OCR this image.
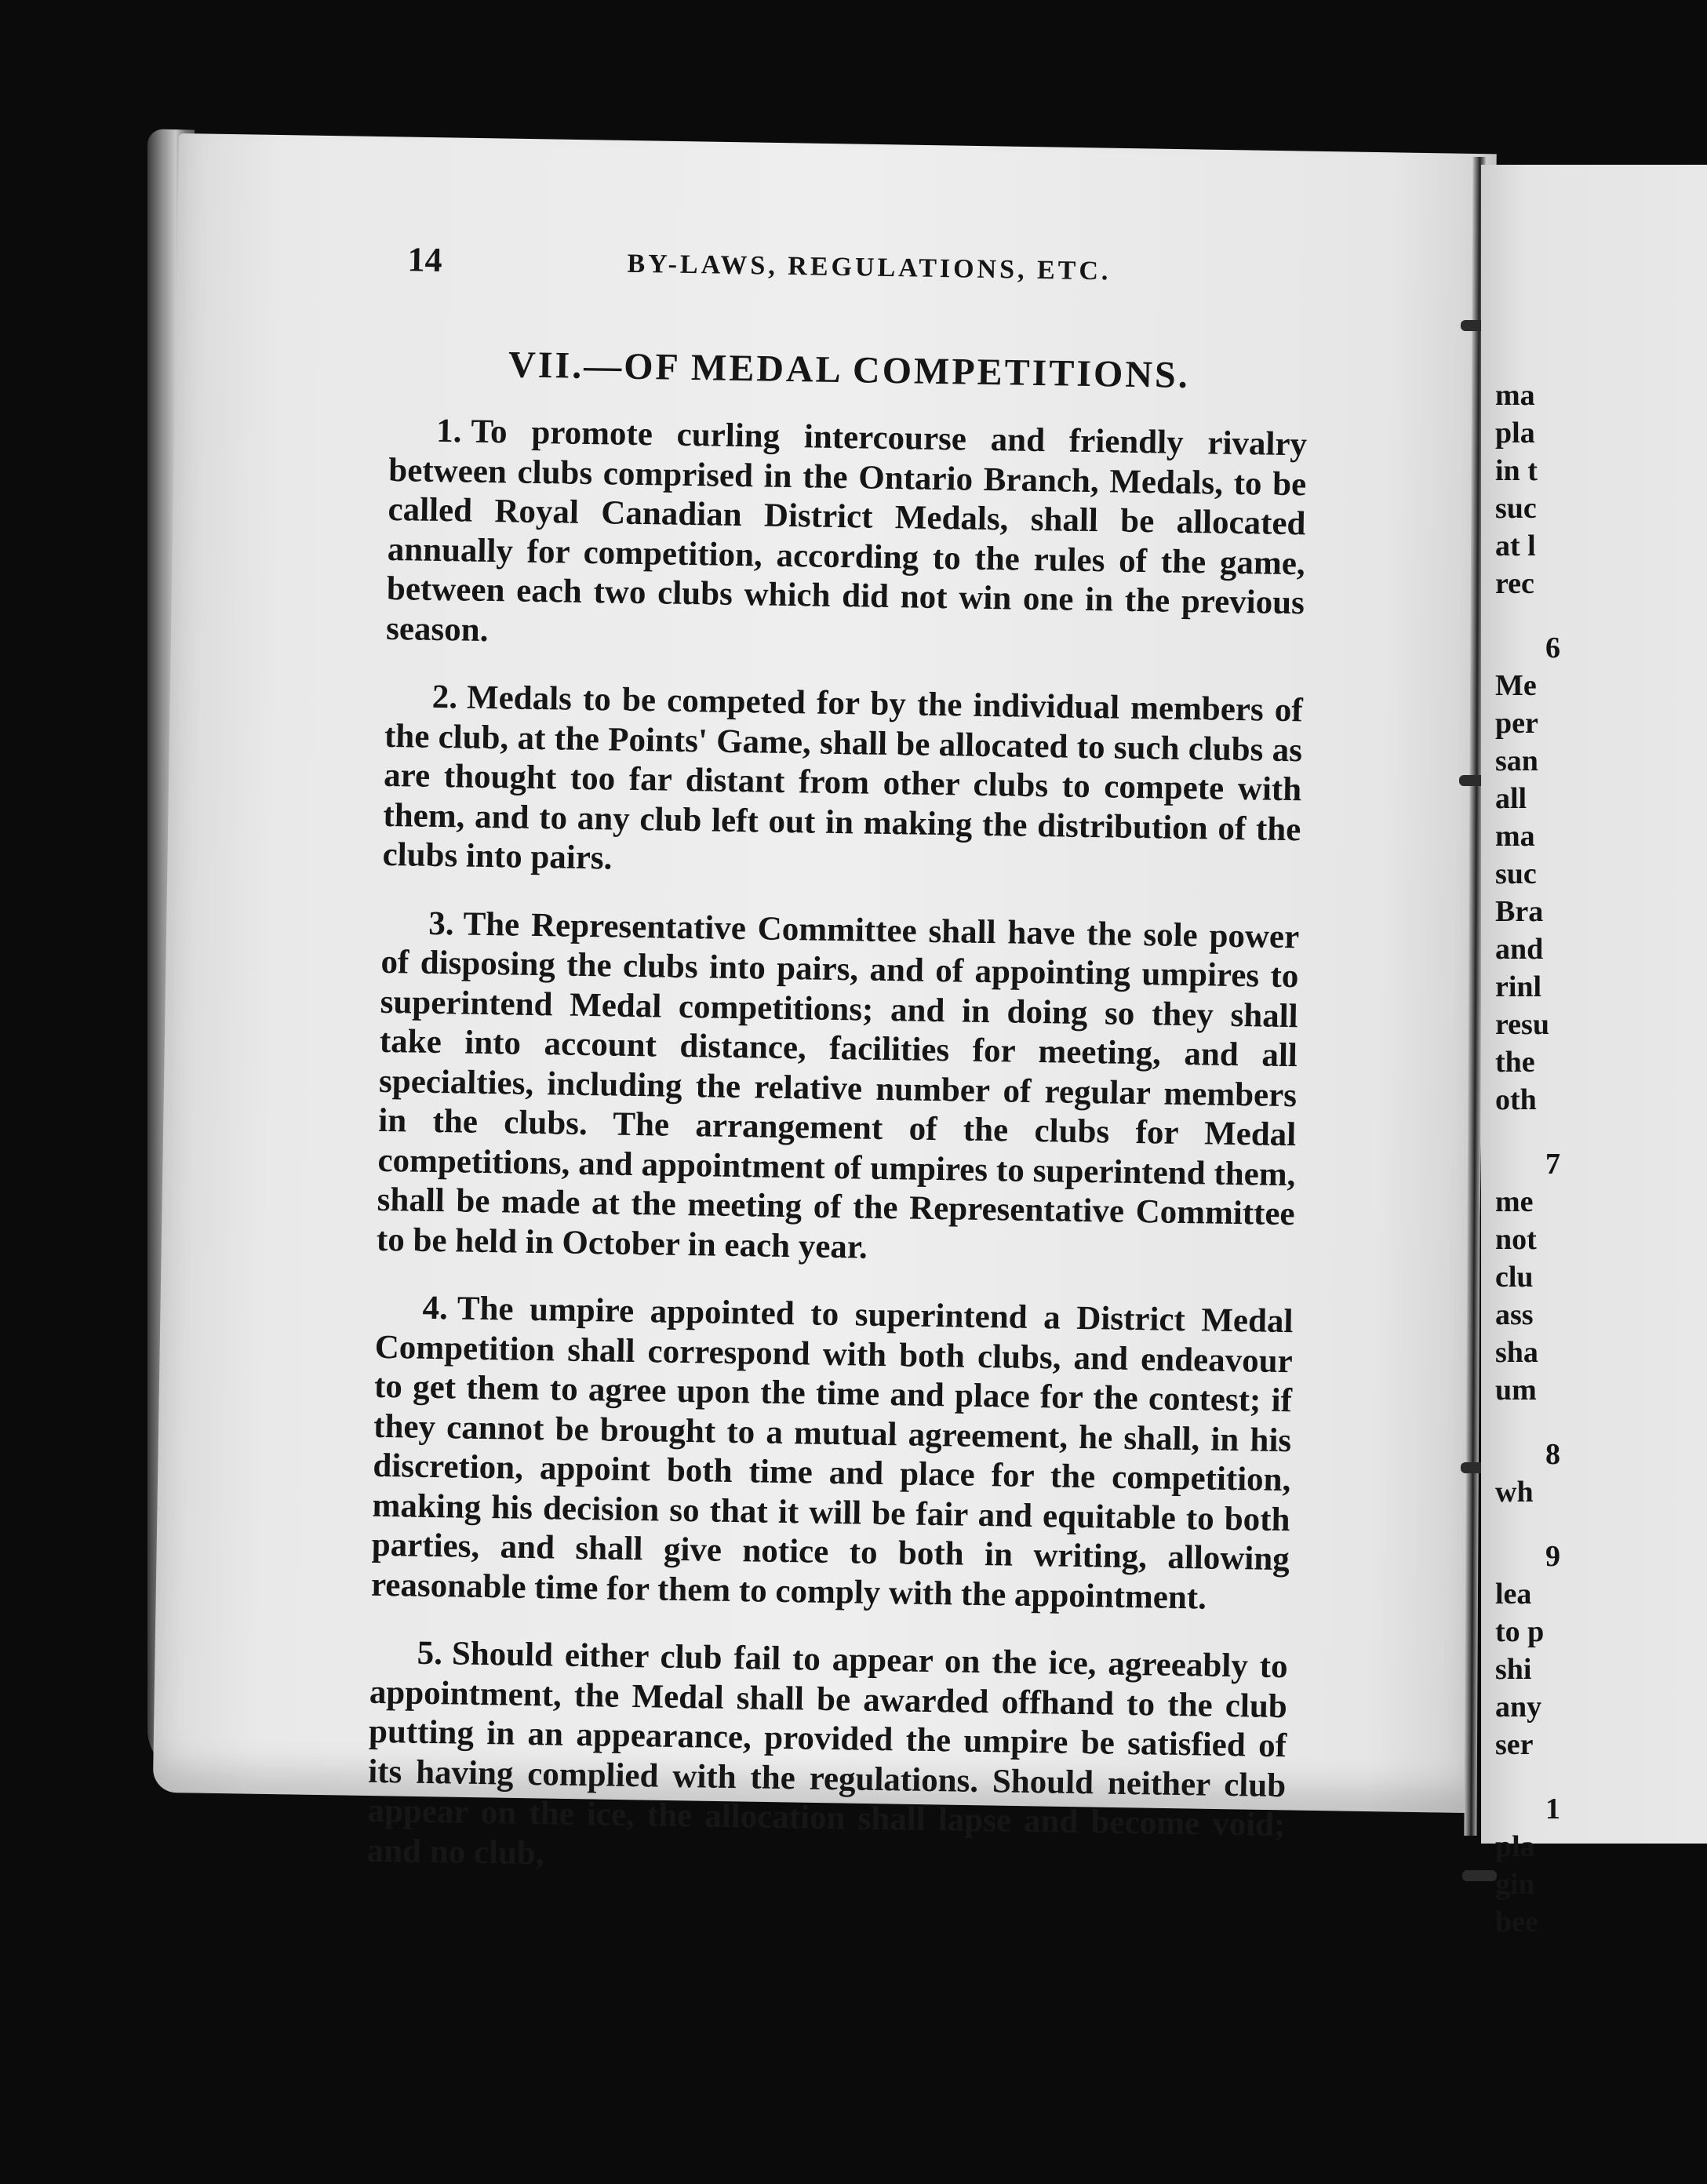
14	BY-LAWS, REGULATIONS, ETC.
VII.—OF MEDAL COMPETITIONS.

1. To promote curling intercourse and friendly rivalry between clubs comprised in the Ontario Branch, Medals, to be called Royal Canadian District Medals, shall be allocated annually for competition, according to the rules of the game, between each two clubs which did not win one in the previous season.

2. Medals to be competed for by the individual members of the club, at the Points' Game, shall be allocated to such clubs as are thought too far distant from other clubs to compete with them, and to any club left out in making the distribution of the clubs into pairs.

3. The Representative Committee shall have the sole power of disposing the clubs into pairs, and of appointing umpires to superintend Medal competitions; and in doing so they shall take into account distance, facilities for meeting, and all specialties, including the relative number of regular members in the clubs. The arrangement of the clubs for Medal competitions, and appointment of umpires to superintend them, shall be made at the meeting of the Representative Committee to be held in October in each year.

4. The umpire appointed to superintend a District Medal Competition shall correspond with both clubs, and endeavour to get them to agree upon the time and place for the contest; if they cannot be brought to a mutual agreement, he shall, in his discretion, appoint both time and place for the competition, making his decision so that it will be fair and equitable to both parties, and shall give notice to both in writing, allowing reasonable time for them to comply with the appointment.

5. Should either club fail to appear on the ice, agreeably to appointment, the Medal shall be awarded offhand to the club putting in an appearance, provided the umpire be satisfied of its having complied with the regulations. Should neither club appear on the ice, the allocation shall lapse and become void; and no club,

ma
pla
in t
suc
at l
rec
6
Me
per
san
all
ma
suc
Bra
and
rinl
resu
the
oth
7
me
not
clu
ass
sha
um
8
wh
9
lea
to p
shi
any
ser
1
pla
gin
bee
